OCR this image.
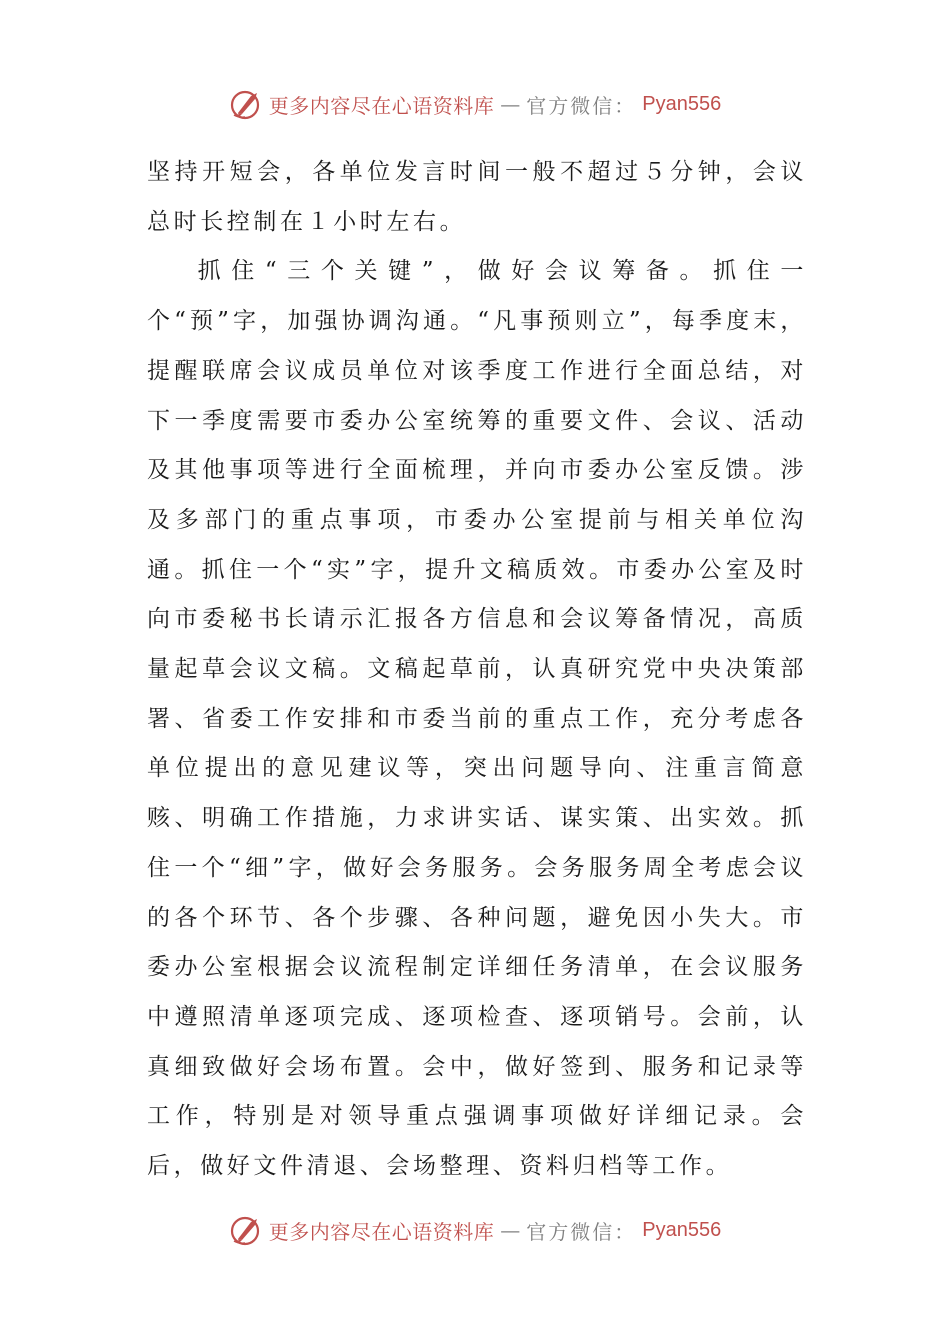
更多内容尽在心语资料库 — 官方微信： Pyan556

坚持开短会，各单位发言时间一般不超过５分钟，会议总时长控制在１小时左右。

抓住“三个关键”，做好会议筹备。抓住一个“预”字，加强协调沟通。“凡事预则立”，每季度末，提醒联席会议成员单位对该季度工作进行全面总结，对下一季度需要市委办公室统筹的重要文件、会议、活动及其他事项等进行全面梳理，并向市委办公室反馈。涉及多部门的重点事项，市委办公室提前与相关单位沟通。抓住一个“实”字，提升文稿质效。市委办公室及时向市委秘书长请示汇报各方信息和会议筹备情况，高质量起草会议文稿。文稿起草前，认真研究党中央决策部署、省委工作安排和市委当前的重点工作，充分考虑各单位提出的意见建议等，突出问题导向、注重言简意赅、明确工作措施，力求讲实话、谋实策、出实效。抓住一个“细”字，做好会务服务。会务服务周全考虑会议的各个环节、各个步骤、各种问题，避免因小失大。市委办公室根据会议流程制定详细任务清单，在会议服务中遵照清单逐项完成、逐项检查、逐项销号。会前，认真细致做好会场布置。会中，做好签到、服务和记录等工作，特别是对领导重点强调事项做好详细记录。会后，做好文件清退、会场整理、资料归档等工作。

更多内容尽在心语资料库 — 官方微信： Pyan556
